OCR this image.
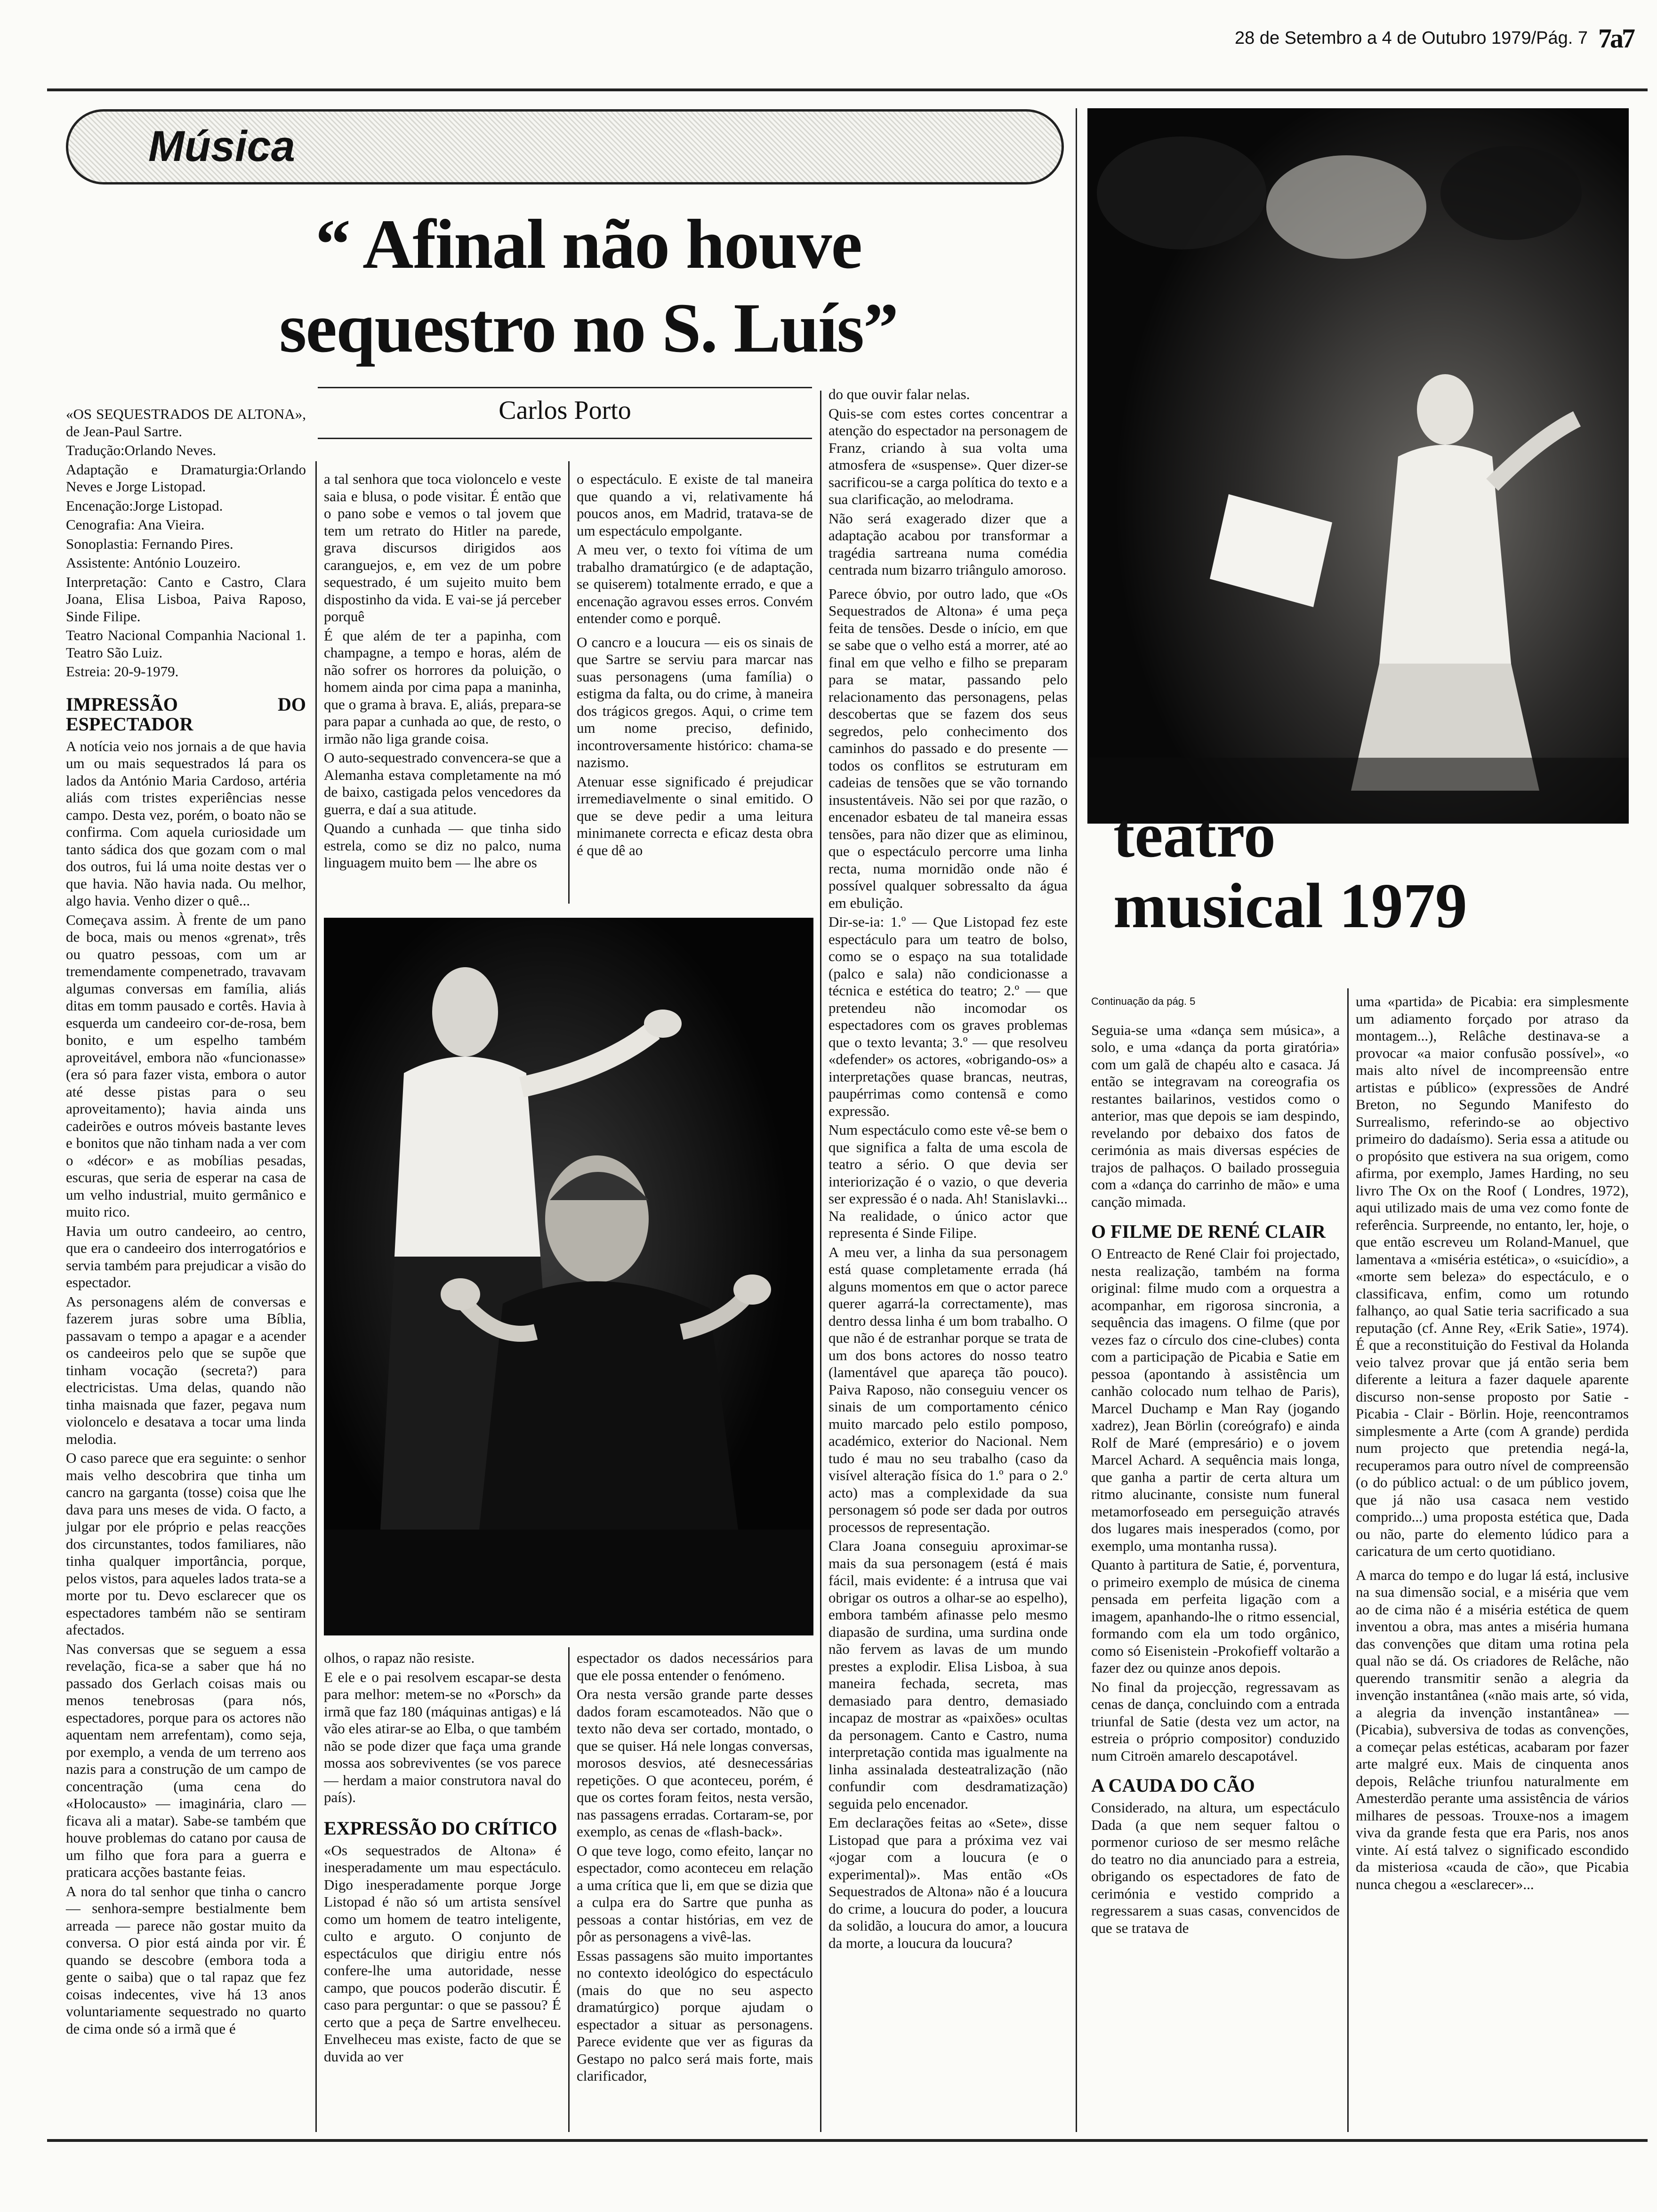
28 de Setembro a 4 de Outubro 1979/Pág. 7 7a7
Música
“ Afinal não houve
sequestro no S. Luís”
Carlos Porto

«OS SEQUESTRADOS DE ALTONA», de Jean-Paul Sartre.

Tradução:Orlando Neves.

Adaptação e Dramaturgia:Orlando Neves e Jorge Listopad.

Encenação:Jorge Listopad.

Cenografia: Ana Vieira.

Sonoplastia: Fernando Pires.

Assistente: António Louzeiro.

Interpretação: Canto e Castro, Clara Joana, Elisa Lisboa, Paiva Raposo, Sinde Filipe.

Teatro Nacional Companhia Nacional 1. Teatro São Luiz.

Estreia: 20-9-1979.

IMPRESSÃO DO ESPECTADOR

A notícia veio nos jornais a de que havia um ou mais sequestrados lá para os lados da António Maria Cardoso, artéria aliás com tristes experiências nesse campo. Desta vez, porém, o boato não se confirma. Com aquela curiosidade um tanto sádica dos que gozam com o mal dos outros, fui lá uma noite destas ver o que havia. Não havia nada. Ou melhor, algo havia. Venho dizer o quê...

Começava assim. À frente de um pano de boca, mais ou menos «grenat», três ou quatro pessoas, com um ar tremendamente compenetrado, travavam algumas conversas em família, aliás ditas em tomm pausado e cortês. Havia à esquerda um candeeiro cor-de-rosa, bem bonito, e um espelho também aproveitável, embora não «funcionasse» (era só para fazer vista, embora o autor até desse pistas para o seu aproveitamento); havia ainda uns cadeirões e outros móveis bastante leves e bonitos que não tinham nada a ver com o «décor» e as mobílias pesadas, escuras, que seria de esperar na casa de um velho industrial, muito germânico e muito rico.

Havia um outro candeeiro, ao centro, que era o candeeiro dos interrogatórios e servia também para prejudicar a visão do espectador.

As personagens além de conversas e fazerem juras sobre uma Bíblia, passavam o tempo a apagar e a acender os candeeiros pelo que se supõe que tinham vocação (secreta?) para electricistas. Uma delas, quando não tinha maisnada que fazer, pegava num violoncelo e desatava a tocar uma linda melodia.

O caso parece que era seguinte: o senhor mais velho descobrira que tinha um cancro na garganta (tosse) coisa que lhe dava para uns meses de vida. O facto, a julgar por ele próprio e pelas reacções dos circunstantes, todos familiares, não tinha qualquer importância, porque, pelos vistos, para aqueles lados trata-se a morte por tu. Devo esclarecer que os espectadores também não se sentiram afectados.

Nas conversas que se seguem a essa revelação, fica-se a saber que há no passado dos Gerlach coisas mais ou menos tenebrosas (para nós, espectadores, porque para os actores não aquentam nem arrefentam), como seja, por exemplo, a venda de um terreno aos nazis para a construção de um campo de concentração (uma cena do «Holocausto» — imaginária, claro — ficava ali a matar). Sabe-se também que houve problemas do catano por causa de um filho que fora para a guerra e praticara acções bastante feias.

A nora do tal senhor que tinha o cancro — senhora-sempre bestialmente bem arreada — parece não gostar muito da conversa. O pior está ainda por vir. É quando se descobre (embora toda a gente o saiba) que o tal rapaz que fez coisas indecentes, vive há 13 anos voluntariamente sequestrado no quarto de cima onde só a irmã que é

a tal senhora que toca violoncelo e veste saia e blusa, o pode visitar. É então que o pano sobe e vemos o tal jovem que tem um retrato do Hitler na parede, grava discursos dirigidos aos caranguejos, e, em vez de um pobre sequestrado, é um sujeito muito bem dispostinho da vida. E vai-se já perceber porquê

É que além de ter a papinha, com champagne, a tempo e horas, além de não sofrer os horrores da poluição, o homem ainda por cima papa a maninha, que o gramа à brava. E, aliás, prepara-se para papar a cunhada ao que, de resto, o irmão não liga grande coisa.

O auto-sequestrado convencera-se que a Alemanha estava completamente na mó de baixo, castigada pelos vencedores da guerra, e daí a sua atitude.

Quando a cunhada — que tinha sido estrela, como se diz no palco, numa linguagem muito bem — lhe abre os

o espectáculo. E existe de tal maneira que quando a vi, relativamente há poucos anos, em Madrid, tratava-se de um espectáculo empolgante.

A meu ver, o texto foi vítima de um trabalho dramatúrgico (e de adaptação, se quiserem) totalmente errado, e que a encenação agravou esses erros. Convém entender como e porquê.

O cancro e a loucura — eis os sinais de que Sartre se serviu para marcar nas suas personagens (uma família) o estigma da falta, ou do crime, à maneira dos trágicos gregos. Aqui, o crime tem um nome preciso, definido, incontroversamente histórico: chama-se nazismo.

Atenuar esse significado é prejudicar irremediavelmente o sinal emitido. O que se deve pedir a uma leitura minimanete correcta e eficaz desta obra é que dê ao

olhos, o rapaz não resiste.

E ele e o pai resolvem escapar-se desta para melhor: metem-se no «Porsch» da irmã que faz 180 (máquinas antigas) e lá vão eles atirar-se ao Elba, o que também não se pode dizer que faça uma grande mossa aos sobreviventes (se vos parece — herdam a maior construtora naval do país).

EXPRESSÃO DO CRÍTICO

«Os sequestrados de Altona» é inesperadamente um mau espectáculo. Digo inesperadamente porque Jorge Listopad é não só um artista sensível como um homem de teatro inteligente, culto e arguto. O conjunto de espectáculos que dirigiu entre nós confere-lhe uma autoridade, nesse campo, que poucos poderão discutir. É caso para perguntar: o que se passou? É certo que a peça de Sartre envelheceu. Envelheceu mas existe, facto de que se duvida ao ver

espectador os dados necessários para que ele possa entender o fenómeno.

Ora nesta versão grande parte desses dados foram escamoteados. Não que o texto não deva ser cortado, montado, o que se quiser. Há nele longas conversas, morosos desvios, até desnecessárias repetições. O que aconteceu, porém, é que os cortes foram feitos, nesta versão, nas passagens erradas. Cortaram-se, por exemplo, as cenas de «flash-back».

O que teve logo, como efeito, lançar no espectador, como aconteceu em relação a uma crítica que li, em que se dizia que a culpa era do Sartre que punha as pessoas a contar histórias, em vez de pôr as personagens a vivê-las.

Essas passagens são muito importantes no contexto ideológico do espectáculo (mais do que no seu aspecto dramatúrgico) porque ajudam o espectador a situar as personagens. Parece evidente que ver as figuras da Gestapo no palco será mais forte, mais clarificador,

do que ouvir falar nelas.

Quis-se com estes cortes concentrar a atenção do espectador na personagem de Franz, criando à sua volta uma atmosfera de «suspense». Quer dizer-se sacrificou-se a carga política do texto e a sua clarificação, ao melodrama.

Não será exagerado dizer que a adaptação acabou por transformar a tragédia sartreana numa comédia centrada num bizarro triângulo amoroso.

Parece óbvio, por outro lado, que «Os Sequestrados de Altona» é uma peça feita de tensões. Desde o início, em que se sabe que o velho está a morrer, até ao final em que velho e filho se preparam para se matar, passando pelo relacionamento das personagens, pelas descobertas que se fazem dos seus segredos, pelo conhecimento dos caminhos do passado e do presente — todos os conflitos se estruturam em cadeias de tensões que se vão tornando insustentáveis. Não sei por que razão, o encenador esbateu de tal maneira essas tensões, para não dizer que as eliminou, que o espectáculo percorre uma linha recta, numa mornidão onde não é possível qualquer sobressalto da água em ebulição.

Dir-se-ia: 1.º — Que Listopad fez este espectáculo para um teatro de bolso, como se o espaço na sua totalidade (palco e sala) não condicionasse a técnica e estética do teatro; 2.º — que pretendeu não incomodar os espectadores com os graves problemas que o texto levanta; 3.º — que resolveu «defender» os actores, «obrigando-os» a interpretações quase brancas, neutras, paupérrimas como contensã e como expressão.

Num espectáculo como este vê-se bem o que significa a falta de uma escola de teatro a sério. O que devia ser interiorização é o vazio, o que deveria ser expressão é o nada. Ah! Stanislavki... Na realidade, o único actor que representa é Sinde Filipe.

A meu ver, a linha da sua personagem está quase completamente errada (há alguns momentos em que o actor parece querer agarrá-la correctamente), mas dentro dessa linha é um bom trabalho. O que não é de estranhar porque se trata de um dos bons actores do nosso teatro (lamentável que apareça tão pouco). Paiva Raposo, não conseguiu vencer os sinais de um comportamento cénico muito marcado pelo estilo pomposo, académico, exterior do Nacional. Nem tudo é mau no seu trabalho (caso da visível alteração física do 1.º para o 2.º acto) mas a complexidade da sua personagem só pode ser dada por outros processos de representação.

Clara Joana conseguiu aproximar-se mais da sua personagem (está é mais fácil, mais evidente: é a intrusa que vai obrigar os outros a olhar-se ao espelho), embora também afinasse pelo mesmo diapasão de surdina, uma surdina onde não fervem as lavas de um mundo prestes a explodir. Elisa Lisboa, à sua maneira fechada, secreta, mas demasiado para dentro, demasiado incapaz de mostrar as «paixões» ocultas da personagem. Canto e Castro, numa interpretação contida mas igualmente na linha assinalada desteatralização (não confundir com desdramatização) seguida pelo encenador.

Em declarações feitas ao «Sete», disse Listopad que para a próxima vez vai «jogar com a loucura (e o experimental)». Mas então «Os Sequestrados de Altona» não é a loucura do crime, a loucura do poder, a loucura da solidão, a loucura do amor, a loucura da morte, a loucura da loucura?

teatro
musical 1979

Continuação da pág. 5

Seguia-se uma «dança sem música», a solo, e uma «dança da porta giratória» com um galã de chapéu alto e casaca. Já então se integravam na coreografia os restantes bailarinos, vestidos como o anterior, mas que depois se iam despindo, revelando por debaixo dos fatos de cerimónia as mais diversas espécies de trajos de palhaços. O bailado prosseguia com a «dança do carrinho de mão» e uma canção mimada.

O FILME DE RENÉ CLAIR

O Entreacto de René Clair foi projectado, nesta realização, também na forma original: filme mudo com a orquestra a acompanhar, em rigorosa sincronia, a sequência das imagens. O filme (que por vezes faz o círculo dos cine-clubes) conta com a participação de Picabia e Satie em pessoa (apontando à assistência um canhão colocado num telhao de Paris), Marcel Duchamp e Man Ray (jogando xadrez), Jean Börlin (coreógrafo) e ainda Rolf de Maré (empresário) e o jovem Marcel Achard. A sequência mais longa, que ganha a partir de certa altura um ritmo alucinante, consiste num funeral metamorfoseado em perseguição através dos lugares mais inesperados (como, por exemplo, uma montanha russa).

Quanto à partitura de Satie, é, porventura, o primeiro exemplo de música de cinema pensada em perfeita ligação com a imagem, apanhando-lhe o ritmo essencial, formando com ela um todo orgânico, como só Eisenistein -Prokofieff voltarão a fazer dez ou quinze anos depois.

No final da projecção, regressavam as cenas de dança, concluindo com a entrada triunfal de Satie (desta vez um actor, na estreia o próprio compositor) conduzido num Citroën amarelo descapotável.

A CAUDA DO CÃO

Considerado, na altura, um espectáculo Dada (a que nem sequer faltou o pormenor curioso de ser mesmo relâche do teatro no dia anunciado para a estreia, obrigando os espectadores de fato de cerimónia e vestido comprido a regressarem a suas casas, convencidos de que se tratava de

uma «partida» de Picabia: era simplesmente um adiamento forçado por atraso da montagem...), Relâche destinava-se a provocar «a maior confusão possível», «o mais alto nível de incompreensão entre artistas e público» (expressões de André Breton, no Segundo Manifesto do Surrealismo, referindo-se ao objectivo primeiro do dadaísmo). Seria essa a atitude ou o propósito que estivera na sua origem, como afirma, por exemplo, James Harding, no seu livro The Ox on the Roof ( Londres, 1972), aqui utilizado mais de uma vez como fonte de referência. Surpreende, no entanto, ler, hoje, o que então escreveu um Roland-Manuel, que lamentava a «miséria estética», o «suicídio», a «morte sem beleza» do espectáculo, e o classificava, enfim, como um rotundo falhanço, ao qual Satie teria sacrificado a sua reputação (cf. Anne Rey, «Erik Satie», 1974). É que a reconstituição do Festival da Holanda veio talvez provar que já então seria bem diferente a leitura a fazer daquele aparente discurso non-sense proposto por Satie - Picabia - Clair - Börlin. Hoje, reencontramos simplesmente a Arte (com A grande) perdida num projecto que pretendia negá-la, recuperamos para outro nível de compreensão (o do público actual: o de um público jovem, que já não usa casaca nem vestido comprido...) uma proposta estética que, Dada ou não, parte do elemento lúdico para a caricatura de um certo quotidiano.

A marca do tempo e do lugar lá está, inclusive na sua dimensão social, e a miséria que vem ao de cima não é a miséria estética de quem inventou a obra, mas antes a miséria humana das convenções que ditam uma rotina pela qual não se dá. Os criadores de Relâche, não querendo transmitir senão a alegria da invenção instantânea («não mais arte, só vida, a alegria da invenção instantânea» — (Picabia), subversiva de todas as convenções, a começar pelas estéticas, acabaram por fazer arte malgré eux. Mais de cinquenta anos depois, Relâche triunfou naturalmente em Amesterdão perante uma assistência de vários milhares de pessoas. Trouxe-nos a imagem viva da grande festa que era Paris, nos anos vinte. Aí está talvez o significado escondido da misteriosa «cauda de cão», que Picabia nunca chegou a «esclarecer»...
